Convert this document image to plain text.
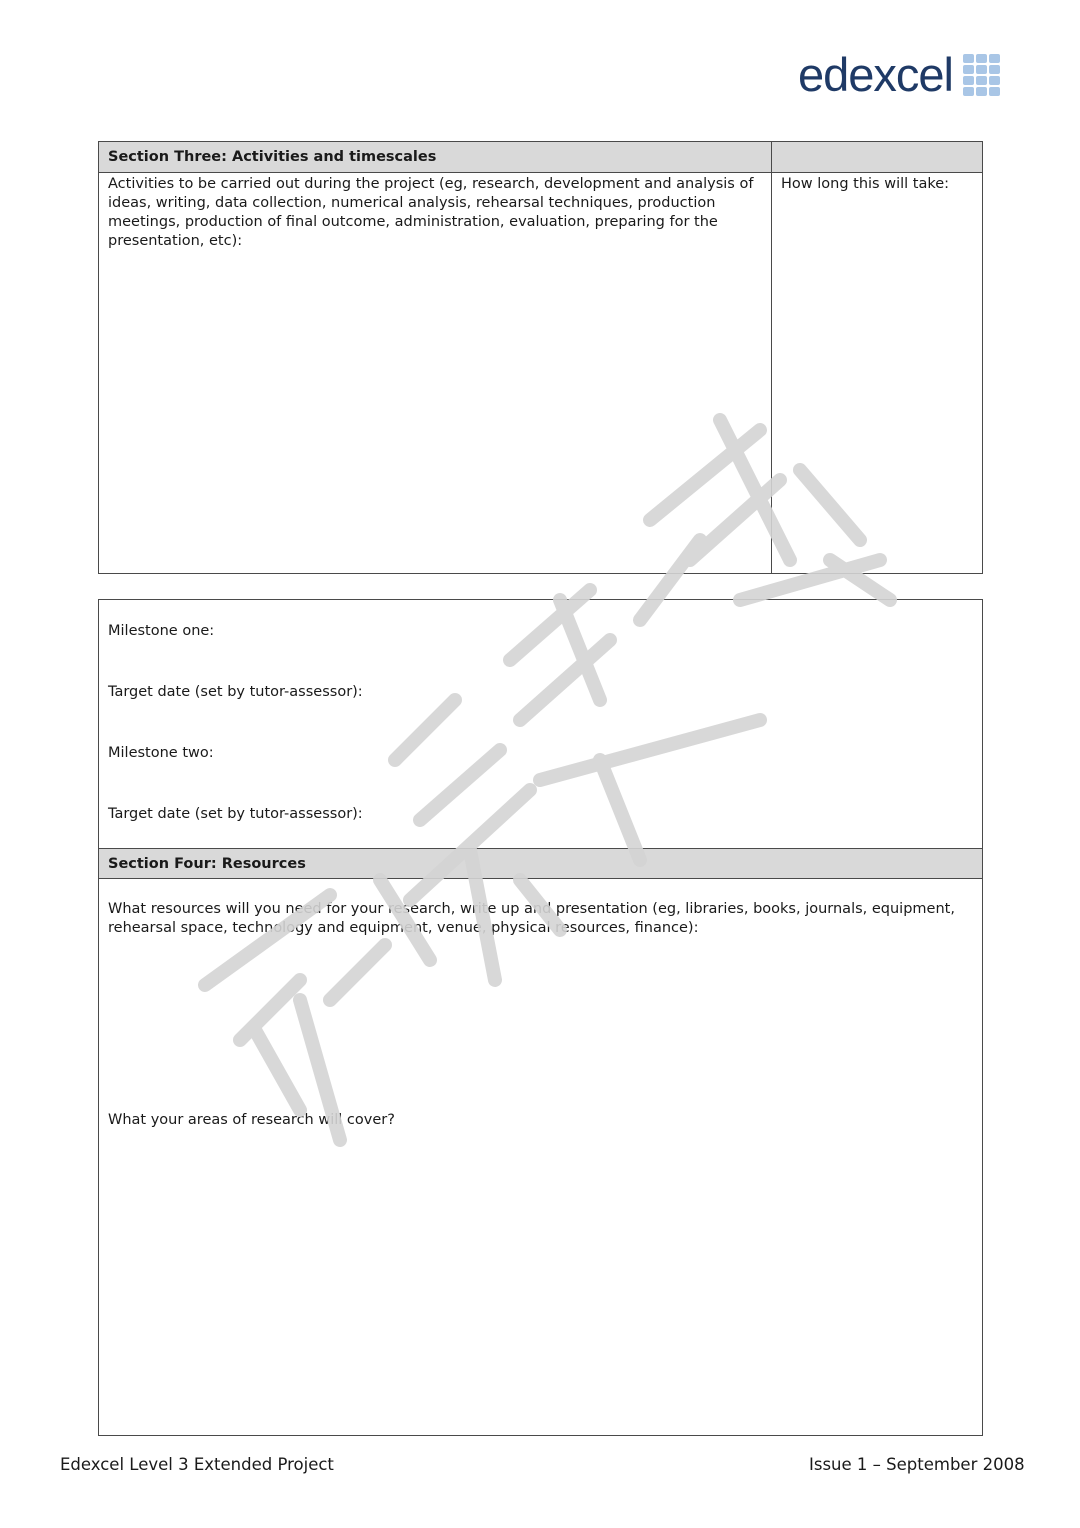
edexcel
Section Three: Activities and timescales
Activities to be carried out during the project (eg, research, development and analysis of ideas, writing, data collection, numerical analysis, rehearsal techniques, production meetings, production of final outcome, administration, evaluation, preparing for the presentation, etc):
How long this will take:
Milestone one:
Target date (set by tutor-assessor):
Milestone two:
Target date (set by tutor-assessor):
Section Four: Resources
What resources will you need for your research, write up and presentation (eg, libraries, books, journals, equipment, rehearsal space, technology and equipment, venue, physical resources, finance):
What your areas of research will cover?
Edexcel Level 3 Extended Project	Issue 1 – September 2008
